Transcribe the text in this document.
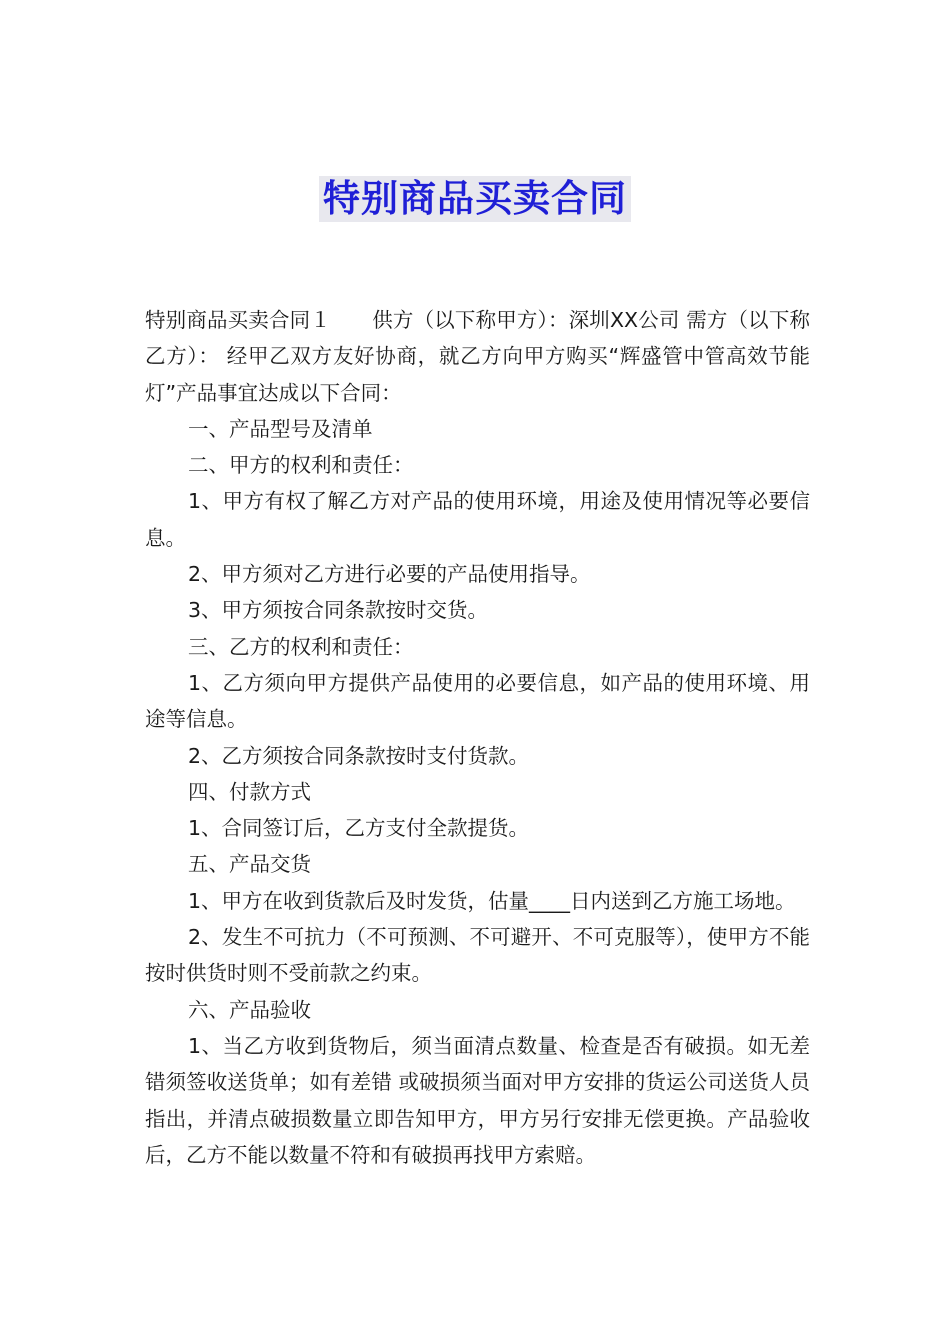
特别商品买卖合同

特别商品买卖合同１　　供方（以下称甲方）：深圳XX公司 需方（以下称乙方）： 经甲乙双方友好协商，就乙方向甲方购买“辉盛管中管高效节能灯”产品事宜达成以下合同：

一、产品型号及清单

二、甲方的权利和责任：

1、甲方有权了解乙方对产品的使用环境，用途及使用情况等必要信息。

2、甲方须对乙方进行必要的产品使用指导。

3、甲方须按合同条款按时交货。

三、乙方的权利和责任：

1、乙方须向甲方提供产品使用的必要信息，如产品的使用环境、用途等信息。

2、乙方须按合同条款按时支付货款。

四、付款方式

1、合同签订后，乙方支付全款提货。

五、产品交货

1、甲方在收到货款后及时发货，估量____日内送到乙方施工场地。

2、发生不可抗力（不可预测、不可避开、不可克服等），使甲方不能按时供货时则不受前款之约束。

六、产品验收

1、当乙方收到货物后，须当面清点数量、检查是否有破损。如无差错须签收送货单；如有差错 或破损须当面对甲方安排的货运公司送货人员指出，并清点破损数量立即告知甲方，甲方另行安排无偿更换。产品验收后，乙方不能以数量不符和有破损再找甲方索赔。
